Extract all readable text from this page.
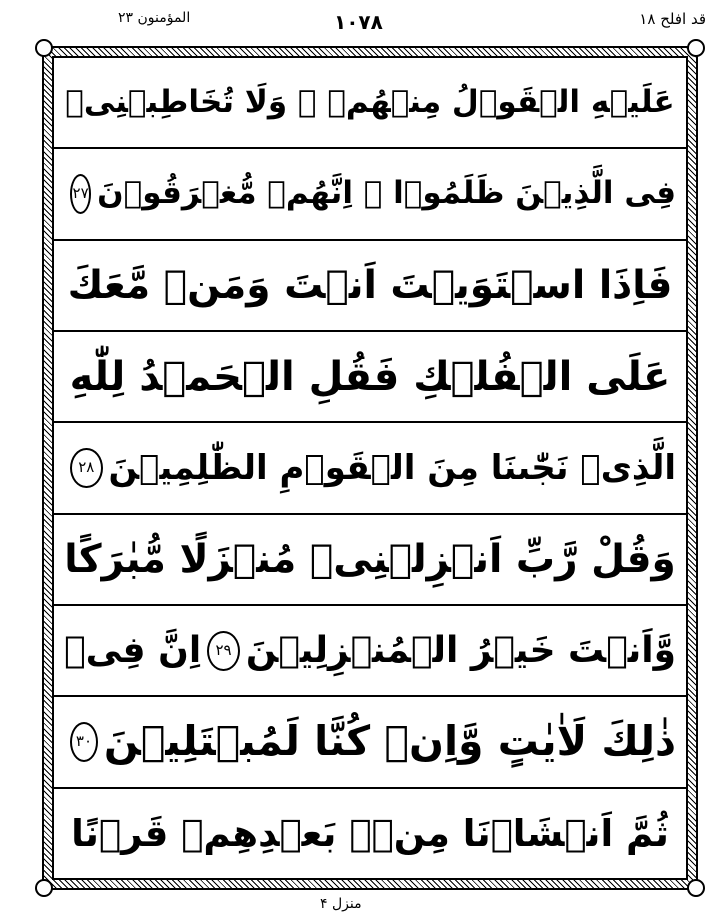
المؤمنون ٢٣	١٠٧٨	قد افلح ١٨
عَلَيۡهِ الۡقَوۡلُ مِنۡهُمۡ ۚ وَلَا تُخَاطِبۡنِىۡ
فِى الَّذِيۡنَ ظَلَمُوۡا ۚ اِنَّهُمۡ مُّغۡرَقُوۡنَ
٢٧
فَاِذَا اسۡتَوَيۡتَ اَنۡتَ وَمَنۡ مَّعَكَ
عَلَى الۡفُلۡكِ فَقُلِ الۡحَمۡدُ لِلّٰهِ
الَّذِىۡ نَجّٰٮنَا مِنَ الۡقَوۡمِ الظّٰلِمِيۡنَ
٢٨
وَقُلْ رَّبِّ اَنۡزِلۡنِىۡ مُنۡزَلًا مُّبٰرَكًا
وَّاَنۡتَ خَيۡرُ الۡمُنۡزِلِيۡنَ
٢٩
اِنَّ فِىۡ
ذٰلِكَ لَاٰيٰتٍ وَّاِنۡ كُنَّا لَمُبۡتَلِيۡنَ
٣٠
ثُمَّ اَنۡشَاۡنَا مِنۡۢ بَعۡدِهِمۡ قَرۡنًا
منزل ۴
